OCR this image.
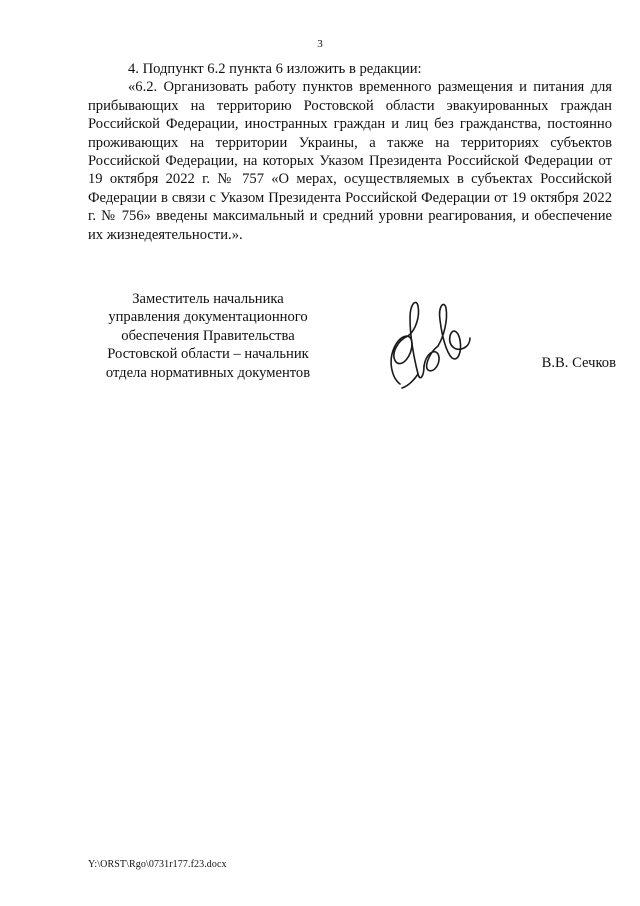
3

4. Подпункт 6.2 пункта 6 изложить в редакции:

«6.2. Организовать работу пунктов временного размещения и питания для прибывающих на территорию Ростовской области эвакуированных граждан Российской Федерации, иностранных граждан и лиц без гражданства, постоянно проживающих на территории Украины, а также на территориях субъектов Российской Федерации, на которых Указом Президента Российской Федерации от 19 октября 2022 г. № 757 «О мерах, осуществляемых в субъектах Российской Федерации в связи с Указом Президента Российской Федерации от 19 октября 2022 г. № 756» введены максимальный и средний уровни реагирования, и обеспечение их жизнедеятельности.».

Заместитель начальника
управления документационного
обеспечения Правительства
Ростовской области – начальник
отдела нормативных документов
В.В. Сечков
Y:\ORST\Rgo\0731r177.f23.docx
